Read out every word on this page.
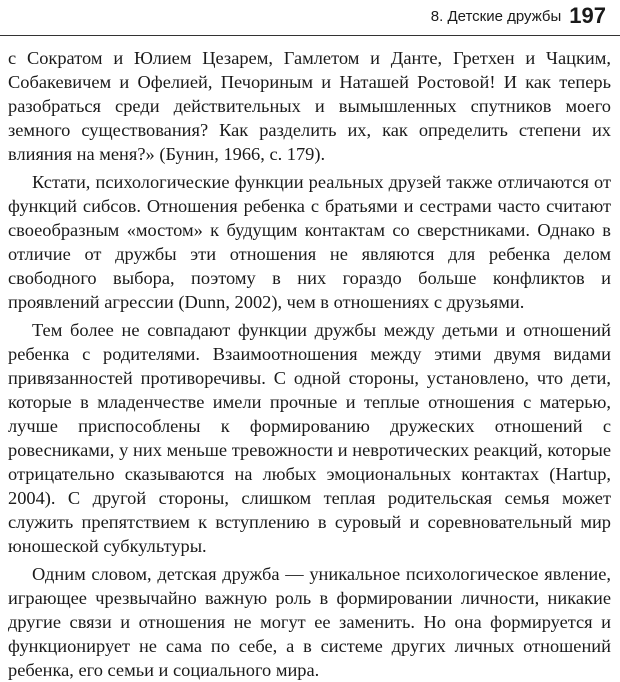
8. Детские дружбы 197

с Сократом и Юлием Цезарем, Гамлетом и Данте, Гретхен и Чацким, Собакевичем и Офелией, Печориным и Наташей Ростовой! И как теперь разобраться среди действительных и вымышленных спутников моего земного существования? Как разделить их, как определить степени их влияния на меня?» (Бунин, 1966, с. 179).

Кстати, психологические функции реальных друзей также отличаются от функций сибсов. Отношения ребенка с братьями и сестрами часто считают своеобразным «мостом» к будущим контактам со сверстниками. Однако в отличие от дружбы эти отношения не являются для ребенка делом свободного выбора, поэтому в них гораздо больше конфликтов и проявлений агрессии (Dunn, 2002), чем в отношениях с друзьями.

Тем более не совпадают функции дружбы между детьми и отношений ребенка с родителями. Взаимоотношения между этими двумя видами привязанностей противоречивы. С одной стороны, установлено, что дети, которые в младенчестве имели прочные и теплые отношения с матерью, лучше приспособлены к формированию дружеских отношений с ровесниками, у них меньше тревожности и невротических реакций, которые отрицательно сказываются на любых эмоциональных контактах (Hartup, 2004). С другой стороны, слишком теплая родительская семья может служить препятствием к вступлению в суровый и соревновательный мир юношеской субкультуры.

Одним словом, детская дружба — уникальное психологическое явление, играющее чрезвычайно важную роль в формировании личности, никакие другие связи и отношения не могут ее заменить. Но она формируется и функционирует не сама по себе, а в системе других личных отношений ребенка, его семьи и социального мира.
